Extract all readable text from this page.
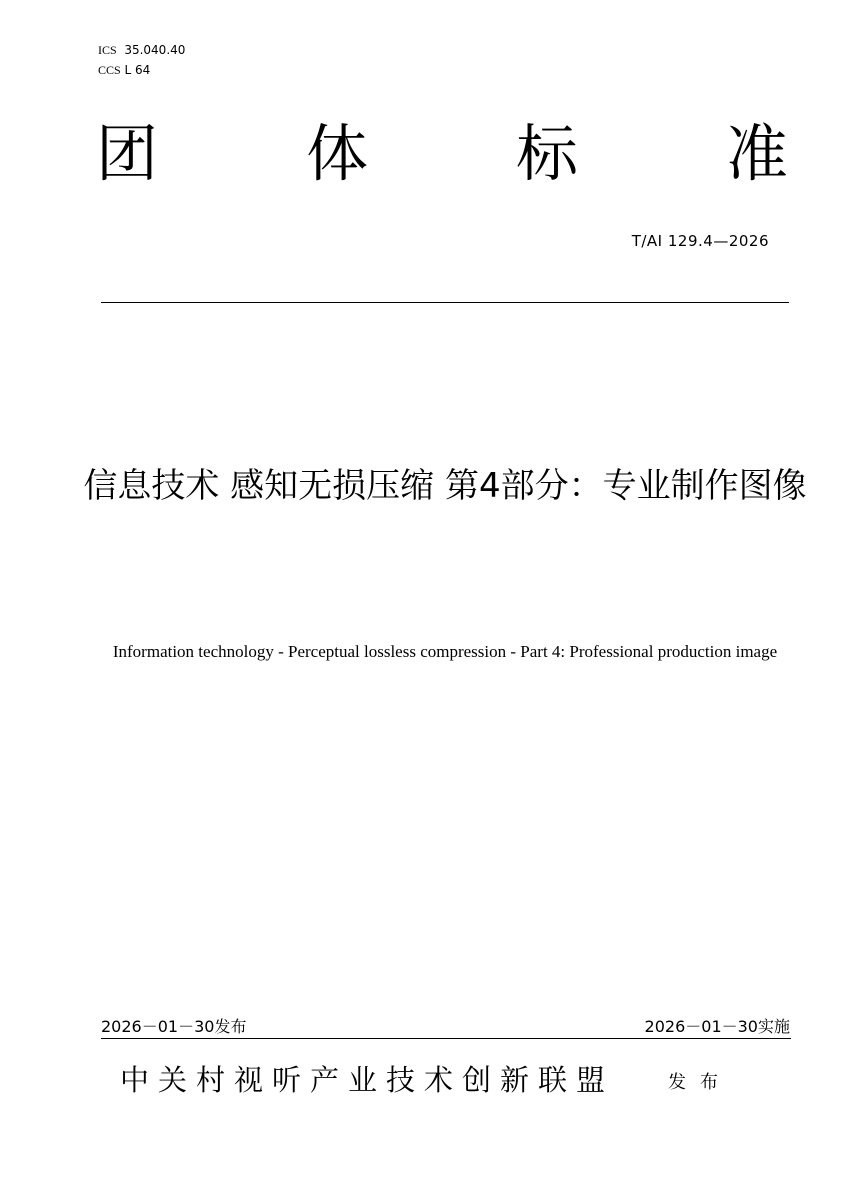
ICS 35.040.40
CCS L 64
团 体 标 准
T/AI 129.4—2026
信息技术 感知无损压缩 第4部分：专业制作图像
Information technology - Perceptual lossless compression - Part 4: Professional production image
2026－01－30发布	2026－01－30实施
中关村视听产业技术创新联盟	发布
